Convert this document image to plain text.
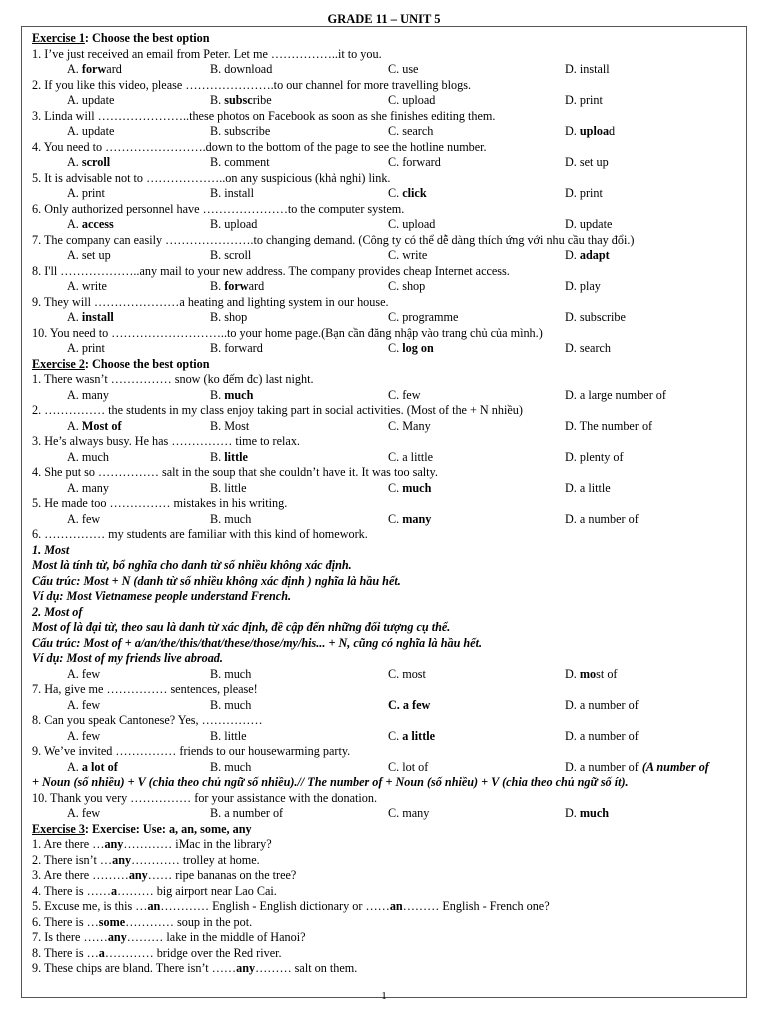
GRADE 11 – UNIT 5
Exercise 1: Choose the best option
1. I’ve just received an email from Peter. Let me ……………..it to you.
A. forward	B. download	C. use	D. install
2. If you like this video, please ………………….to our channel for more travelling blogs.
A. update	B. subscribe	C. upload	D. print
3. Linda will …………………..these photos on Facebook as soon as she finishes editing them.
A. update	B. subscribe	C. search	D. upload
4. You need to …………………….down to the bottom of the page to see the hotline number.
A. scroll	B. comment	C. forward	D. set up
5. It is advisable not to ………………..on any suspicious (khả nghi) link.
A. print	B. install	C. click	D. print
6. Only authorized personnel have …………………to the computer system.
A. access	B. upload	C. upload	D. update
7. The company can easily ………………….to changing demand. (Công ty có thể dễ dàng thích ứng với nhu cầu thay đổi.)
A. set up	B. scroll	C. write	D. adapt
8. I'll ………………..any mail to your new address. The company provides cheap Internet access.
A. write	B. forward	C. shop	D. play
9. They will …………………a heating and lighting system in our house.
A. install	B. shop	C. programme	D. subscribe
10. You need to ………………………..to your home page.(Bạn cần đăng nhập vào trang chủ của mình.)
A. print	B. forward	C. log on	D. search
Exercise 2: Choose the best option
1. There wasn’t …………… snow (ko đếm đc) last night.
A. many	B. much	C. few	D. a large number of
2. …………… the students in my class enjoy taking part in social activities. (Most of the + N nhiều)
A. Most of	B. Most	C. Many	D. The number of
3. He’s always busy. He has …………… time to relax.
A. much	B. little	C. a little	D. plenty of
4. She put so …………… salt in the soup that she couldn’t have it. It was too salty.
A. many	B. little	C. much	D. a little
5. He made too …………… mistakes in his writing.
A. few	B. much	C. many	D. a number of
6. …………… my students are familiar with this kind of homework.
1. Most
Most là tính từ, bổ nghĩa cho danh từ số nhiều không xác định.
Cấu trúc: Most + N (danh từ số nhiều không xác định ) nghĩa là hầu hết.
Ví dụ: Most Vietnamese people understand French.
2. Most of
Most of là đại từ, theo sau là danh từ xác định, đề cập đến những đối tượng cụ thể.
Cấu trúc: Most of + a/an/the/this/that/these/those/my/his... + N, cũng có nghĩa là hầu hết.
Ví dụ: Most of my friends live abroad.
A. few	B. much	C. most	D. most of
7. Ha, give me …………… sentences, please!
A. few	B. much	C. a few	D. a number of
8. Can you speak Cantonese? Yes, ……………
A. few	B. little	C. a little	D. a number of
9. We’ve invited …………… friends to our housewarming party.
A. a lot of	B. much	C. lot of	D. a number of (A number of
+ Noun (số nhiều) + V (chia theo chủ ngữ số nhiều).// The number of + Noun (số nhiều) + V (chia theo chủ ngữ số ít).
10. Thank you very …………… for your assistance with the donation.
A. few	B. a number of	C. many	D. much
Exercise 3: Exercise: Use: a, an, some, any
1. Are there …any………… iMac in the library?
2. There isn’t …any………… trolley at home.
3. Are there ………any…… ripe bananas on the tree?
4. There is ……a……… big airport near Lao Cai.
5. Excuse me, is this …an………… English - English dictionary or ……an……… English - French one?
6. There is …some………… soup in the pot.
7. Is there ……any……… lake in the middle of Hanoi?
8. There is …a………… bridge over the Red river.
9. These chips are bland. There isn’t ……any……… salt on them.
1
